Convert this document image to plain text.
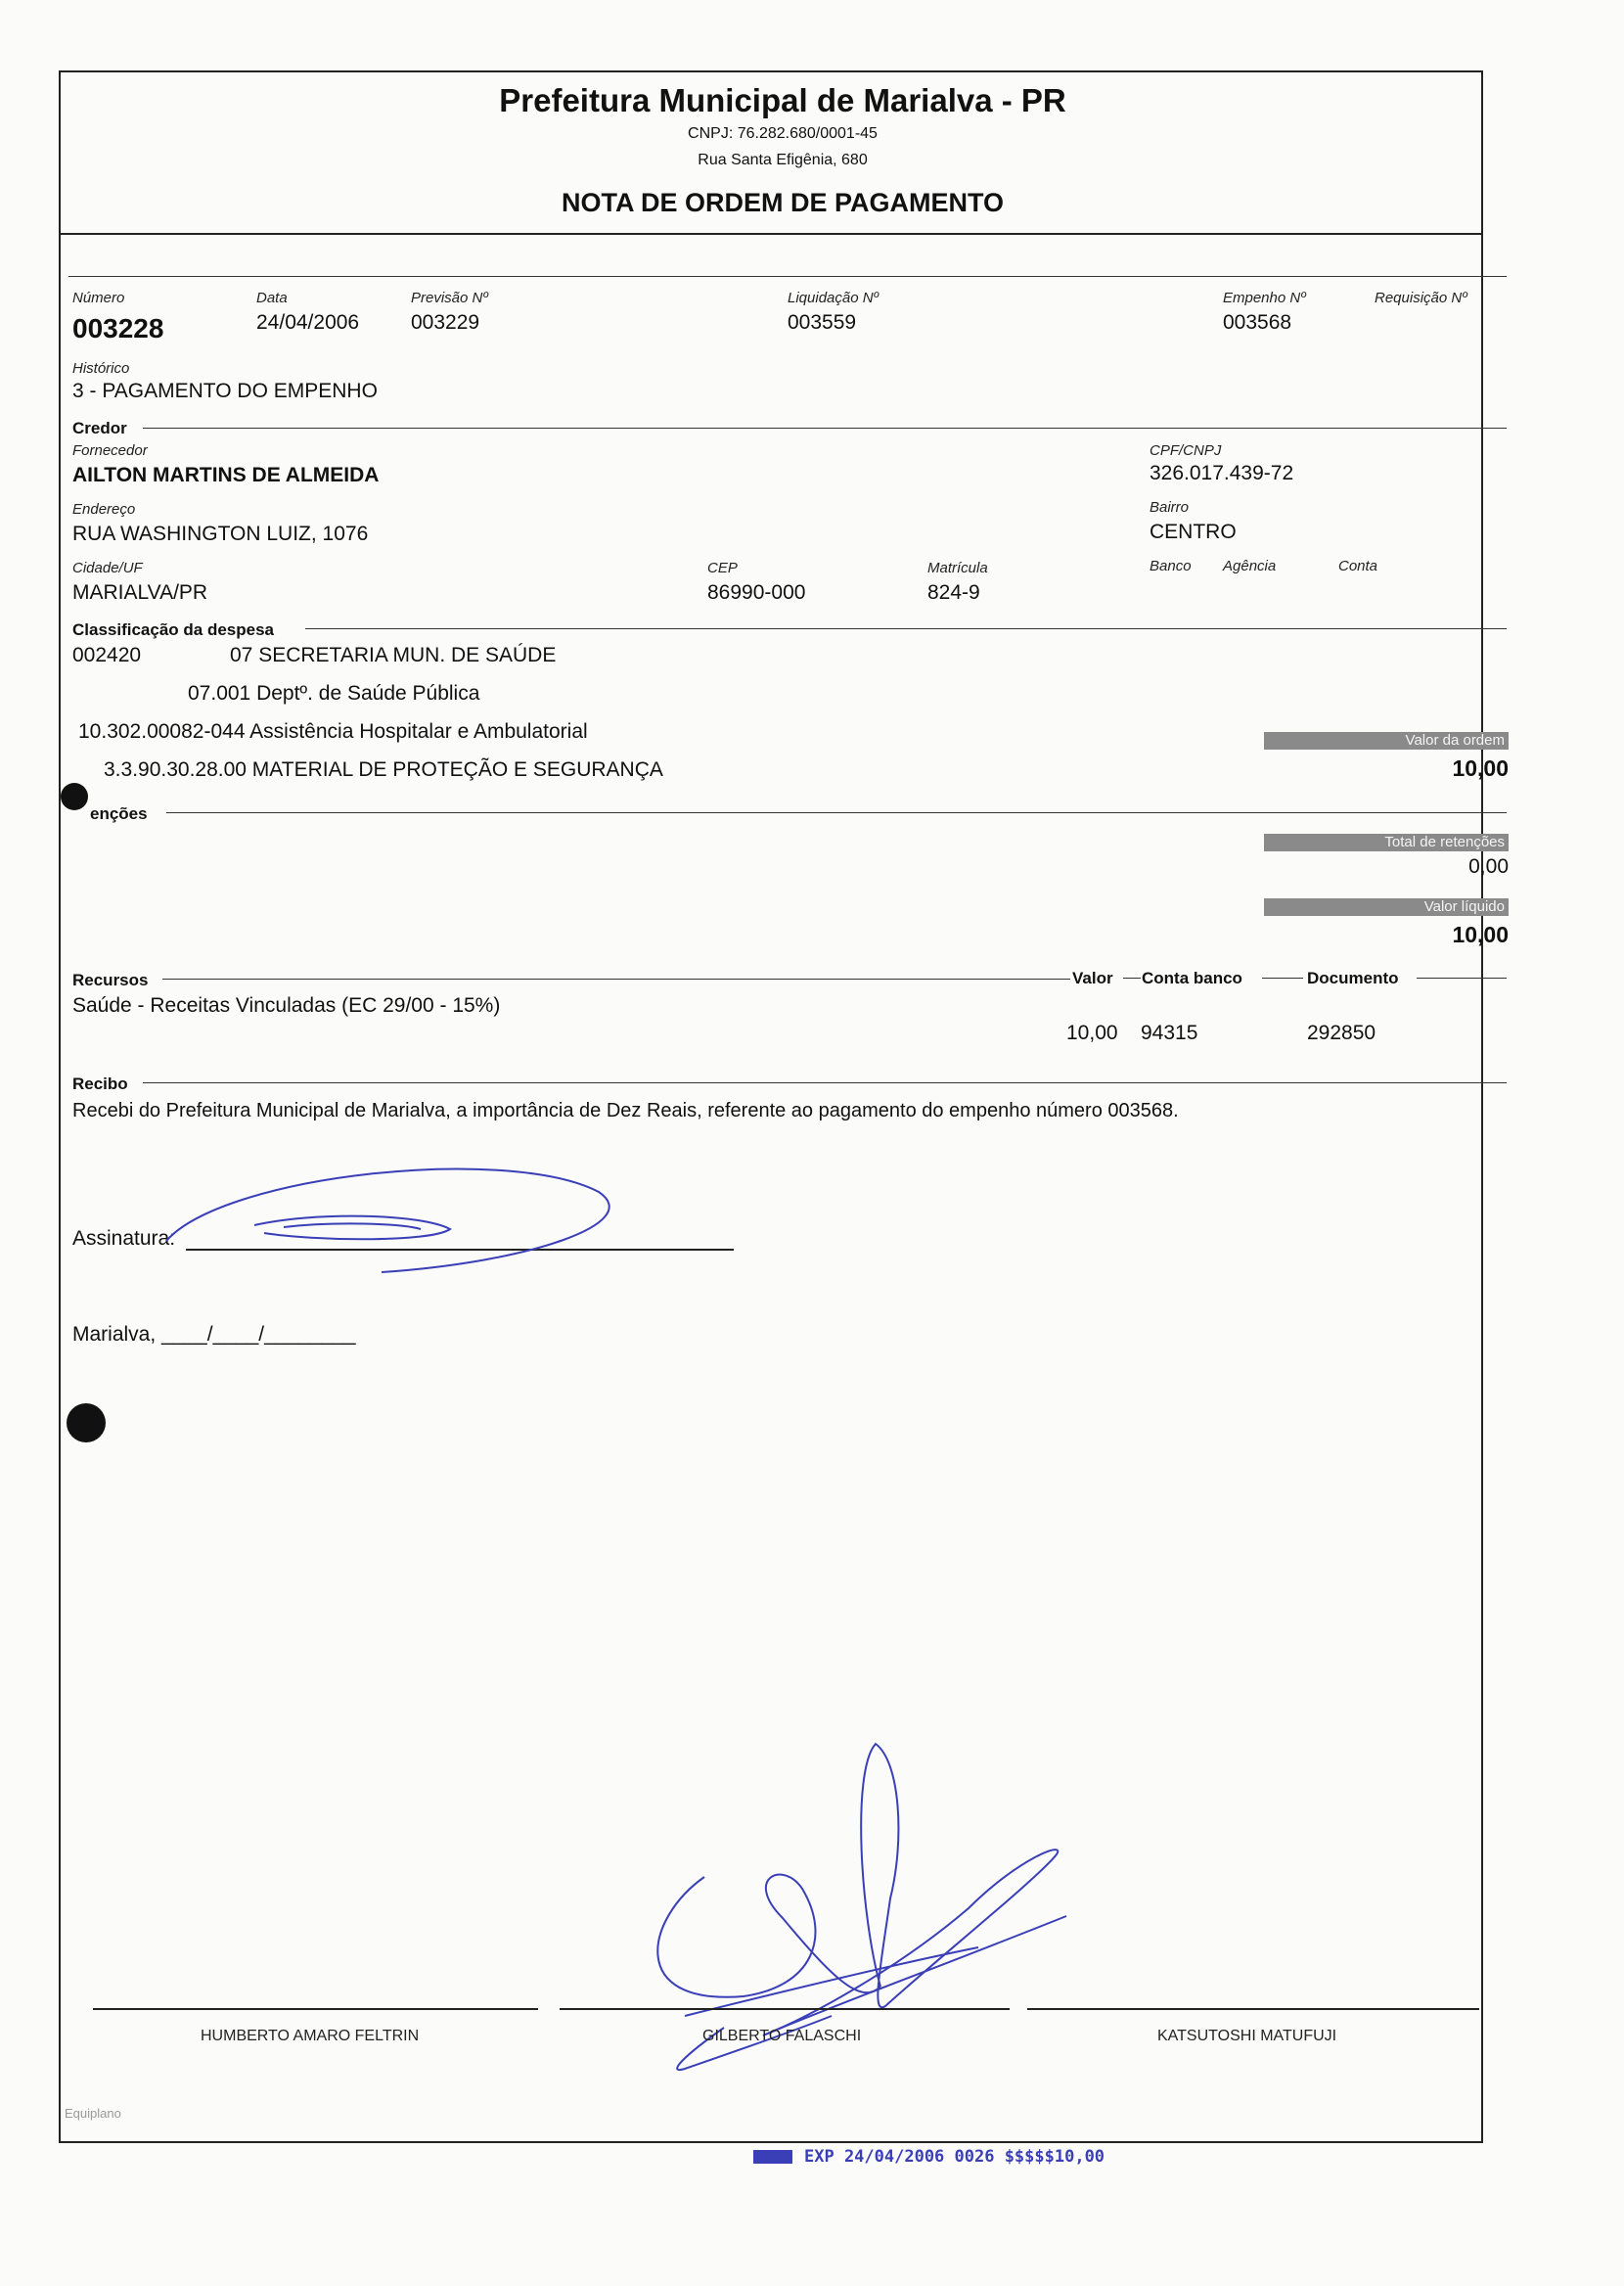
Prefeitura Municipal de Marialva - PR
CNPJ: 76.282.680/0001-45
Rua Santa Efigênia, 680
NOTA DE ORDEM DE PAGAMENTO
Número
003228
Data
24/04/2006
Previsão Nº
003229
Liquidação Nº
003559
Empenho Nº
003568
Requisição Nº
Histórico
3 - PAGAMENTO DO EMPENHO
Credor
Fornecedor
AILTON MARTINS DE ALMEIDA
CPF/CNPJ
326.017.439-72
Endereço
RUA WASHINGTON LUIZ, 1076
Bairro
CENTRO
Cidade/UF
MARIALVA/PR
CEP
86990-000
Matrícula
824-9
Banco Agência	Conta
Classificação da despesa
002420	07 SECRETARIA MUN. DE SAÚDE
07.001 Deptº. de Saúde Pública
10.302.00082-044 Assistência Hospitalar e Ambulatorial
3.3.90.30.28.00 MATERIAL DE PROTEÇÃO E SEGURANÇA
Valor da ordem
10,00
enções
Total de retenções
0,00
Valor líquido
10,00
Recursos	Valor Conta banco	Documento
Saúde - Receitas Vinculadas (EC 29/00 - 15%)
10,00 94315	292850
Recibo
Recebi do Prefeitura Municipal de Marialva, a importância de Dez Reais, referente ao pagamento do empenho número 003568.
Assinatura:
Marialva, ____/____/________
HUMBERTO AMARO FELTRIN	GILBERTO FALASCHI	KATSUTOSHI MATUFUJI
Equiplano
EXP 24/04/2006 0026 $$$$$10,00
